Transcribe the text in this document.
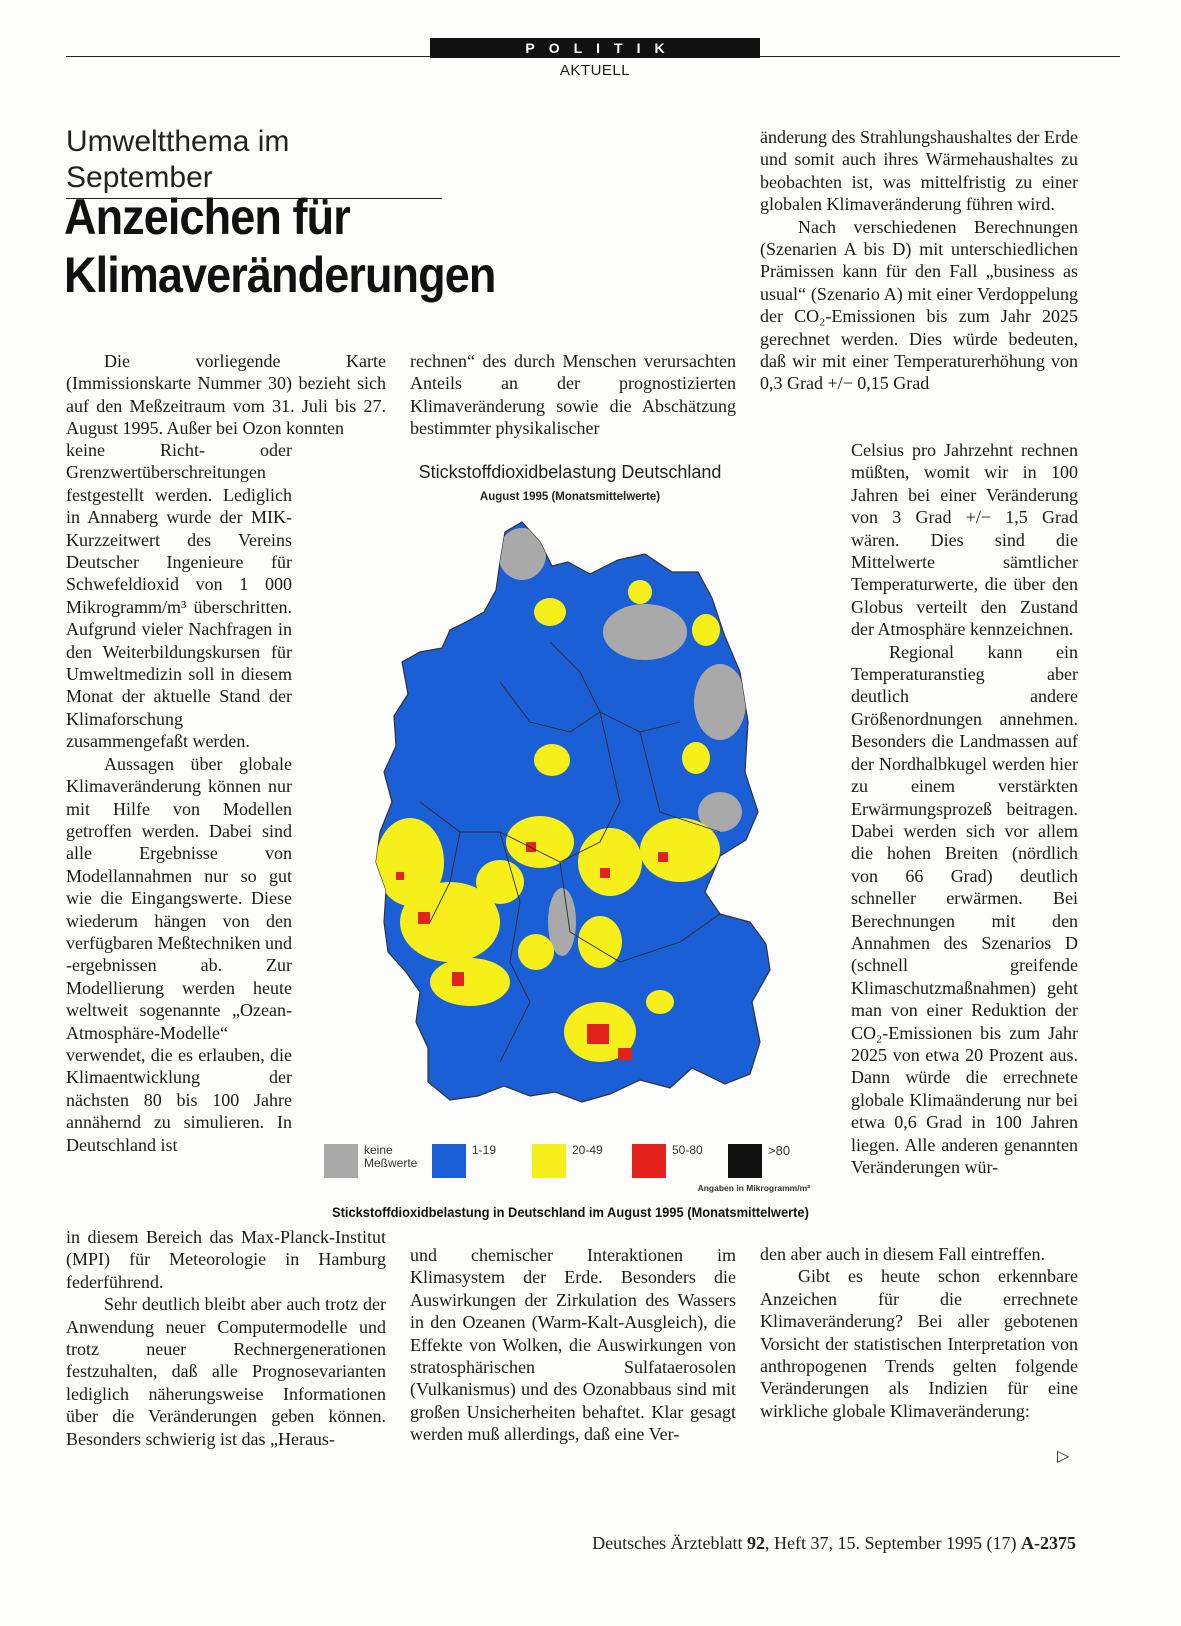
POLITIK
AKTUELL
Umweltthema im September
Anzeichen für
Klimaveränderungen

Die vorliegende Karte (Immissionskarte Nummer 30) bezieht sich auf den Meßzeitraum vom 31. Juli bis 27. August 1995. Außer bei Ozon konnten

keine Richt- oder Grenzwertüberschreitungen festgestellt werden. Lediglich in Annaberg wurde der MIK-Kurzzeitwert des Vereins Deutscher Ingenieure für Schwefeldioxid von 1 000 Mikrogramm/m³ überschritten. Aufgrund vieler Nachfragen in den Weiterbildungskursen für Umweltmedizin soll in diesem Monat der aktuelle Stand der Klimaforschung zusammengefaßt werden.

Aussagen über globale Klimaveränderung können nur mit Hilfe von Modellen getroffen werden. Dabei sind alle Ergebnisse von Modellannahmen nur so gut wie die Eingangswerte. Diese wiederum hängen von den verfügbaren Meßtechniken und -ergebnissen ab. Zur Modellierung werden heute weltweit sogenannte „Ozean-Atmosphäre-Modelle“ verwendet, die es erlauben, die Klimaentwicklung der nächsten 80 bis 100 Jahre annähernd zu simulieren. In Deutschland ist

in diesem Bereich das Max-Planck-Institut (MPI) für Meteorologie in Hamburg federführend.

Sehr deutlich bleibt aber auch trotz der Anwendung neuer Computermodelle und trotz neuer Rechnergenerationen festzuhalten, daß alle Prognosevarianten lediglich näherungsweise Informationen über die Veränderungen geben können. Besonders schwierig ist das „Heraus-

rechnen“ des durch Menschen verursachten Anteils an der prognostizierten Klimaveränderung sowie die Abschätzung bestimmter physikalischer

und chemischer Interaktionen im Klimasystem der Erde. Besonders die Auswirkungen der Zirkulation des Wassers in den Ozeanen (Warm-Kalt-Ausgleich), die Effekte von Wolken, die Auswirkungen von stratosphärischen Sulfataerosolen (Vulkanismus) und des Ozonabbaus sind mit großen Unsicherheiten behaftet. Klar gesagt werden muß allerdings, daß eine Ver-

änderung des Strahlungshaushaltes der Erde und somit auch ihres Wärmehaushaltes zu beobachten ist, was mittelfristig zu einer globalen Klimaveränderung führen wird.

Nach verschiedenen Berechnungen (Szenarien A bis D) mit unterschiedlichen Prämissen kann für den Fall „business as usual“ (Szenario A) mit einer Verdoppelung der CO₂-Emissionen bis zum Jahr 2025 gerechnet werden. Dies würde bedeuten, daß wir mit einer Temperaturerhöhung von 0,3 Grad +/− 0,15 Grad

Celsius pro Jahrzehnt rechnen müßten, womit wir in 100 Jahren bei einer Veränderung von 3 Grad +/− 1,5 Grad wären. Dies sind die Mittelwerte sämtlicher Temperaturwerte, die über den Globus verteilt den Zustand der Atmosphäre kennzeichnen.

Regional kann ein Temperaturanstieg aber deutlich andere Größenordnungen annehmen. Besonders die Landmassen auf der Nordhalbkugel werden hier zu einem verstärkten Erwärmungsprozeß beitragen. Dabei werden sich vor allem die hohen Breiten (nördlich von 66 Grad) deutlich schneller erwärmen. Bei Berechnungen mit den Annahmen des Szenarios D (schnell greifende Klimaschutzmaßnahmen) geht man von einer Reduktion der CO₂-Emissionen bis zum Jahr 2025 von etwa 20 Prozent aus. Dann würde die errechnete globale Klimaänderung nur bei etwa 0,6 Grad in 100 Jahren liegen. Alle anderen genannten Veränderungen wür-

den aber auch in diesem Fall eintreffen.

Gibt es heute schon erkennbare Anzeichen für die errechnete Klimaveränderung? Bei aller gebotenen Vorsicht der statistischen Interpretation von anthropogenen Trends gelten folgende Veränderungen als Indizien für eine wirkliche globale Klimaveränderung:

▷
Stickstoffdioxidbelastung Deutschland
August 1995 (Monatsmittelwerte)
keine Meßwerte
1-19	20-49	50-80	>80
Angaben in Mikrogramm/m³
Stickstoffdioxidbelastung in Deutschland im August 1995 (Monatsmittelwerte)
Deutsches Ärzteblatt 92, Heft 37, 15. September 1995 (17) A-2375
